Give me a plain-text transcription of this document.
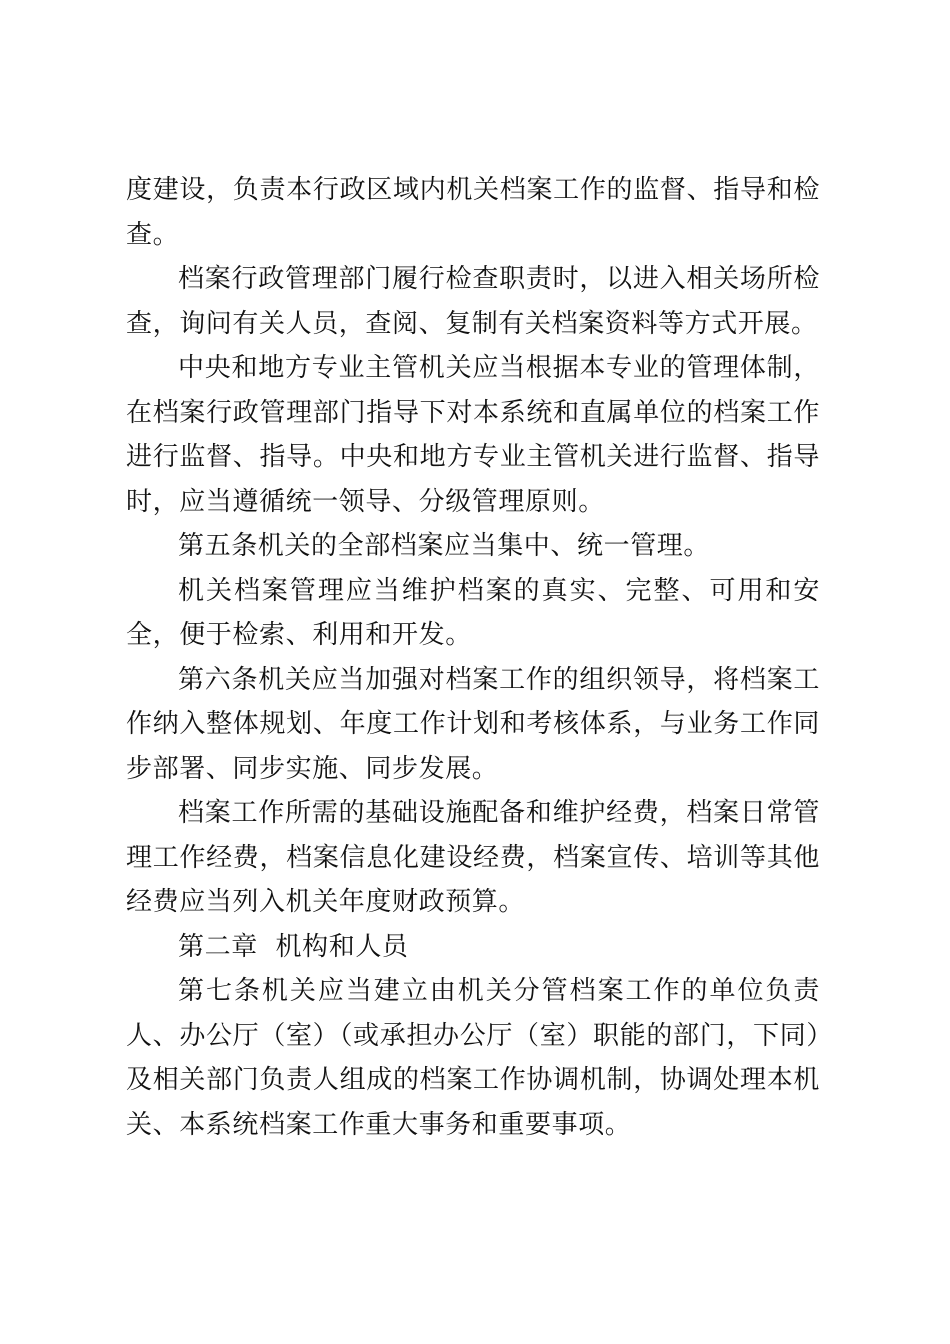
度建设，负责本行政区域内机关档案工作的监督、指导和检查。

档案行政管理部门履行检查职责时，以进入相关场所检查，询问有关人员，查阅、复制有关档案资料等方式开展。

中央和地方专业主管机关应当根据本专业的管理体制，在档案行政管理部门指导下对本系统和直属单位的档案工作进行监督、指导。中央和地方专业主管机关进行监督、指导时，应当遵循统一领导、分级管理原则。

第五条机关的全部档案应当集中、统一管理。

机关档案管理应当维护档案的真实、完整、可用和安全，便于检索、利用和开发。

第六条机关应当加强对档案工作的组织领导，将档案工作纳入整体规划、年度工作计划和考核体系，与业务工作同步部署、同步实施、同步发展。

档案工作所需的基础设施配备和维护经费，档案日常管理工作经费，档案信息化建设经费，档案宣传、培训等其他经费应当列入机关年度财政预算。

第二章  机构和人员

第七条机关应当建立由机关分管档案工作的单位负责人、办公厅（室）（或承担办公厅（室）职能的部门，下同）及相关部门负责人组成的档案工作协调机制，协调处理本机关、本系统档案工作重大事务和重要事项。
